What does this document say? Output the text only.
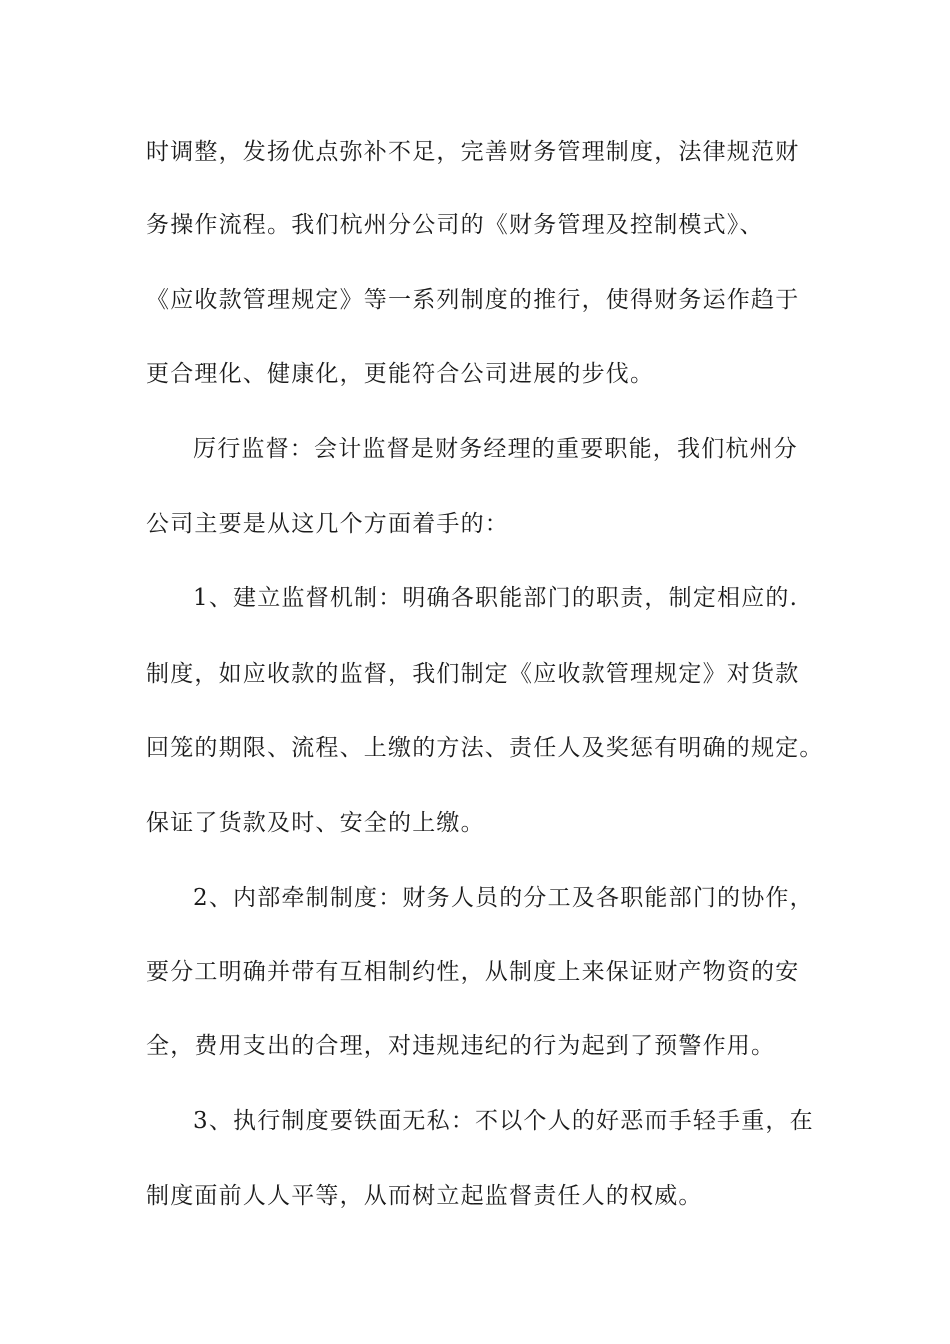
时调整，发扬优点弥补不足，完善财务管理制度，法律规范财
务操作流程。我们杭州分公司的《财务管理及控制模式》、
《应收款管理规定》等一系列制度的推行，使得财务运作趋于
更合理化、健康化，更能符合公司进展的步伐。
厉行监督：会计监督是财务经理的重要职能，我们杭州分
公司主要是从这几个方面着手的：
1、建立监督机制：明确各职能部门的职责，制定相应的.
制度，如应收款的监督，我们制定《应收款管理规定》对货款
回笼的期限、流程、上缴的方法、责任人及奖惩有明确的规定。
保证了货款及时、安全的上缴。
2、内部牵制制度：财务人员的分工及各职能部门的协作，
要分工明确并带有互相制约性，从制度上来保证财产物资的安
全，费用支出的合理，对违规违纪的行为起到了预警作用。
3、执行制度要铁面无私：不以个人的好恶而手轻手重，在
制度面前人人平等，从而树立起监督责任人的权威。
